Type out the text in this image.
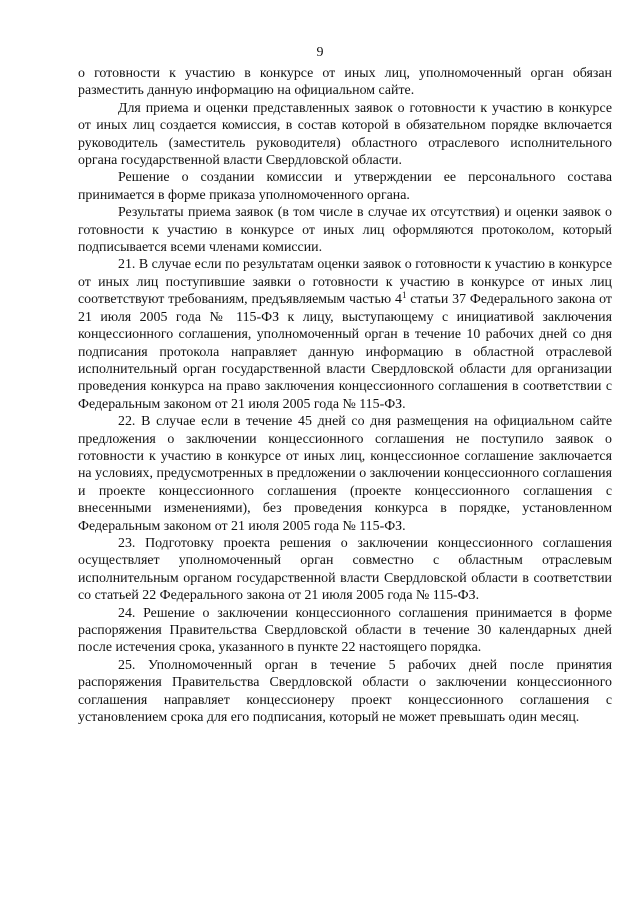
9

о готовности к участию в конкурсе от иных лиц, уполномоченный орган обязан разместить данную информацию на официальном сайте.

Для приема и оценки представленных заявок о готовности к участию в конкурсе от иных лиц создается комиссия, в состав которой в обязательном порядке включается руководитель (заместитель руководителя) областного отраслевого исполнительного органа государственной власти Свердловской области.

Решение о создании комиссии и утверждении ее персонального состава принимается в форме приказа уполномоченного органа.

Результаты приема заявок (в том числе в случае их отсутствия) и оценки заявок о готовности к участию в конкурсе от иных лиц оформляются протоколом, который подписывается всеми членами комиссии.

21. В случае если по результатам оценки заявок о готовности к участию в конкурсе от иных лиц поступившие заявки о готовности к участию в конкурсе от иных лиц соответствуют требованиям, предъявляемым частью $4^1$ статьи 37 Федерального закона от 21 июля 2005 года № 115-ФЗ к лицу, выступающему с инициативой заключения концессионного соглашения, уполномоченный орган в течение 10 рабочих дней со дня подписания протокола направляет данную информацию в областной отраслевой исполнительный орган государственной власти Свердловской области для организации проведения конкурса на право заключения концессионного соглашения в соответствии с Федеральным законом от 21 июля 2005 года № 115-ФЗ.

22. В случае если в течение 45 дней со дня размещения на официальном сайте предложения о заключении концессионного соглашения не поступило заявок о готовности к участию в конкурсе от иных лиц, концессионное соглашение заключается на условиях, предусмотренных в предложении о заключении концессионного соглашения и проекте концессионного соглашения (проекте концессионного соглашения с внесенными изменениями), без проведения конкурса в порядке, установленном Федеральным законом от 21 июля 2005 года № 115-ФЗ.

23. Подготовку проекта решения о заключении концессионного соглашения осуществляет уполномоченный орган совместно с областным отраслевым исполнительным органом государственной власти Свердловской области в соответствии со статьей 22 Федерального закона от 21 июля 2005 года № 115-ФЗ.

24. Решение о заключении концессионного соглашения принимается в форме распоряжения Правительства Свердловской области в течение 30 календарных дней после истечения срока, указанного в пункте 22 настоящего порядка.

25. Уполномоченный орган в течение 5 рабочих дней после принятия распоряжения Правительства Свердловской области о заключении концессионного соглашения направляет концессионеру проект концессионного соглашения с установлением срока для его подписания, который не может превышать один месяц.
